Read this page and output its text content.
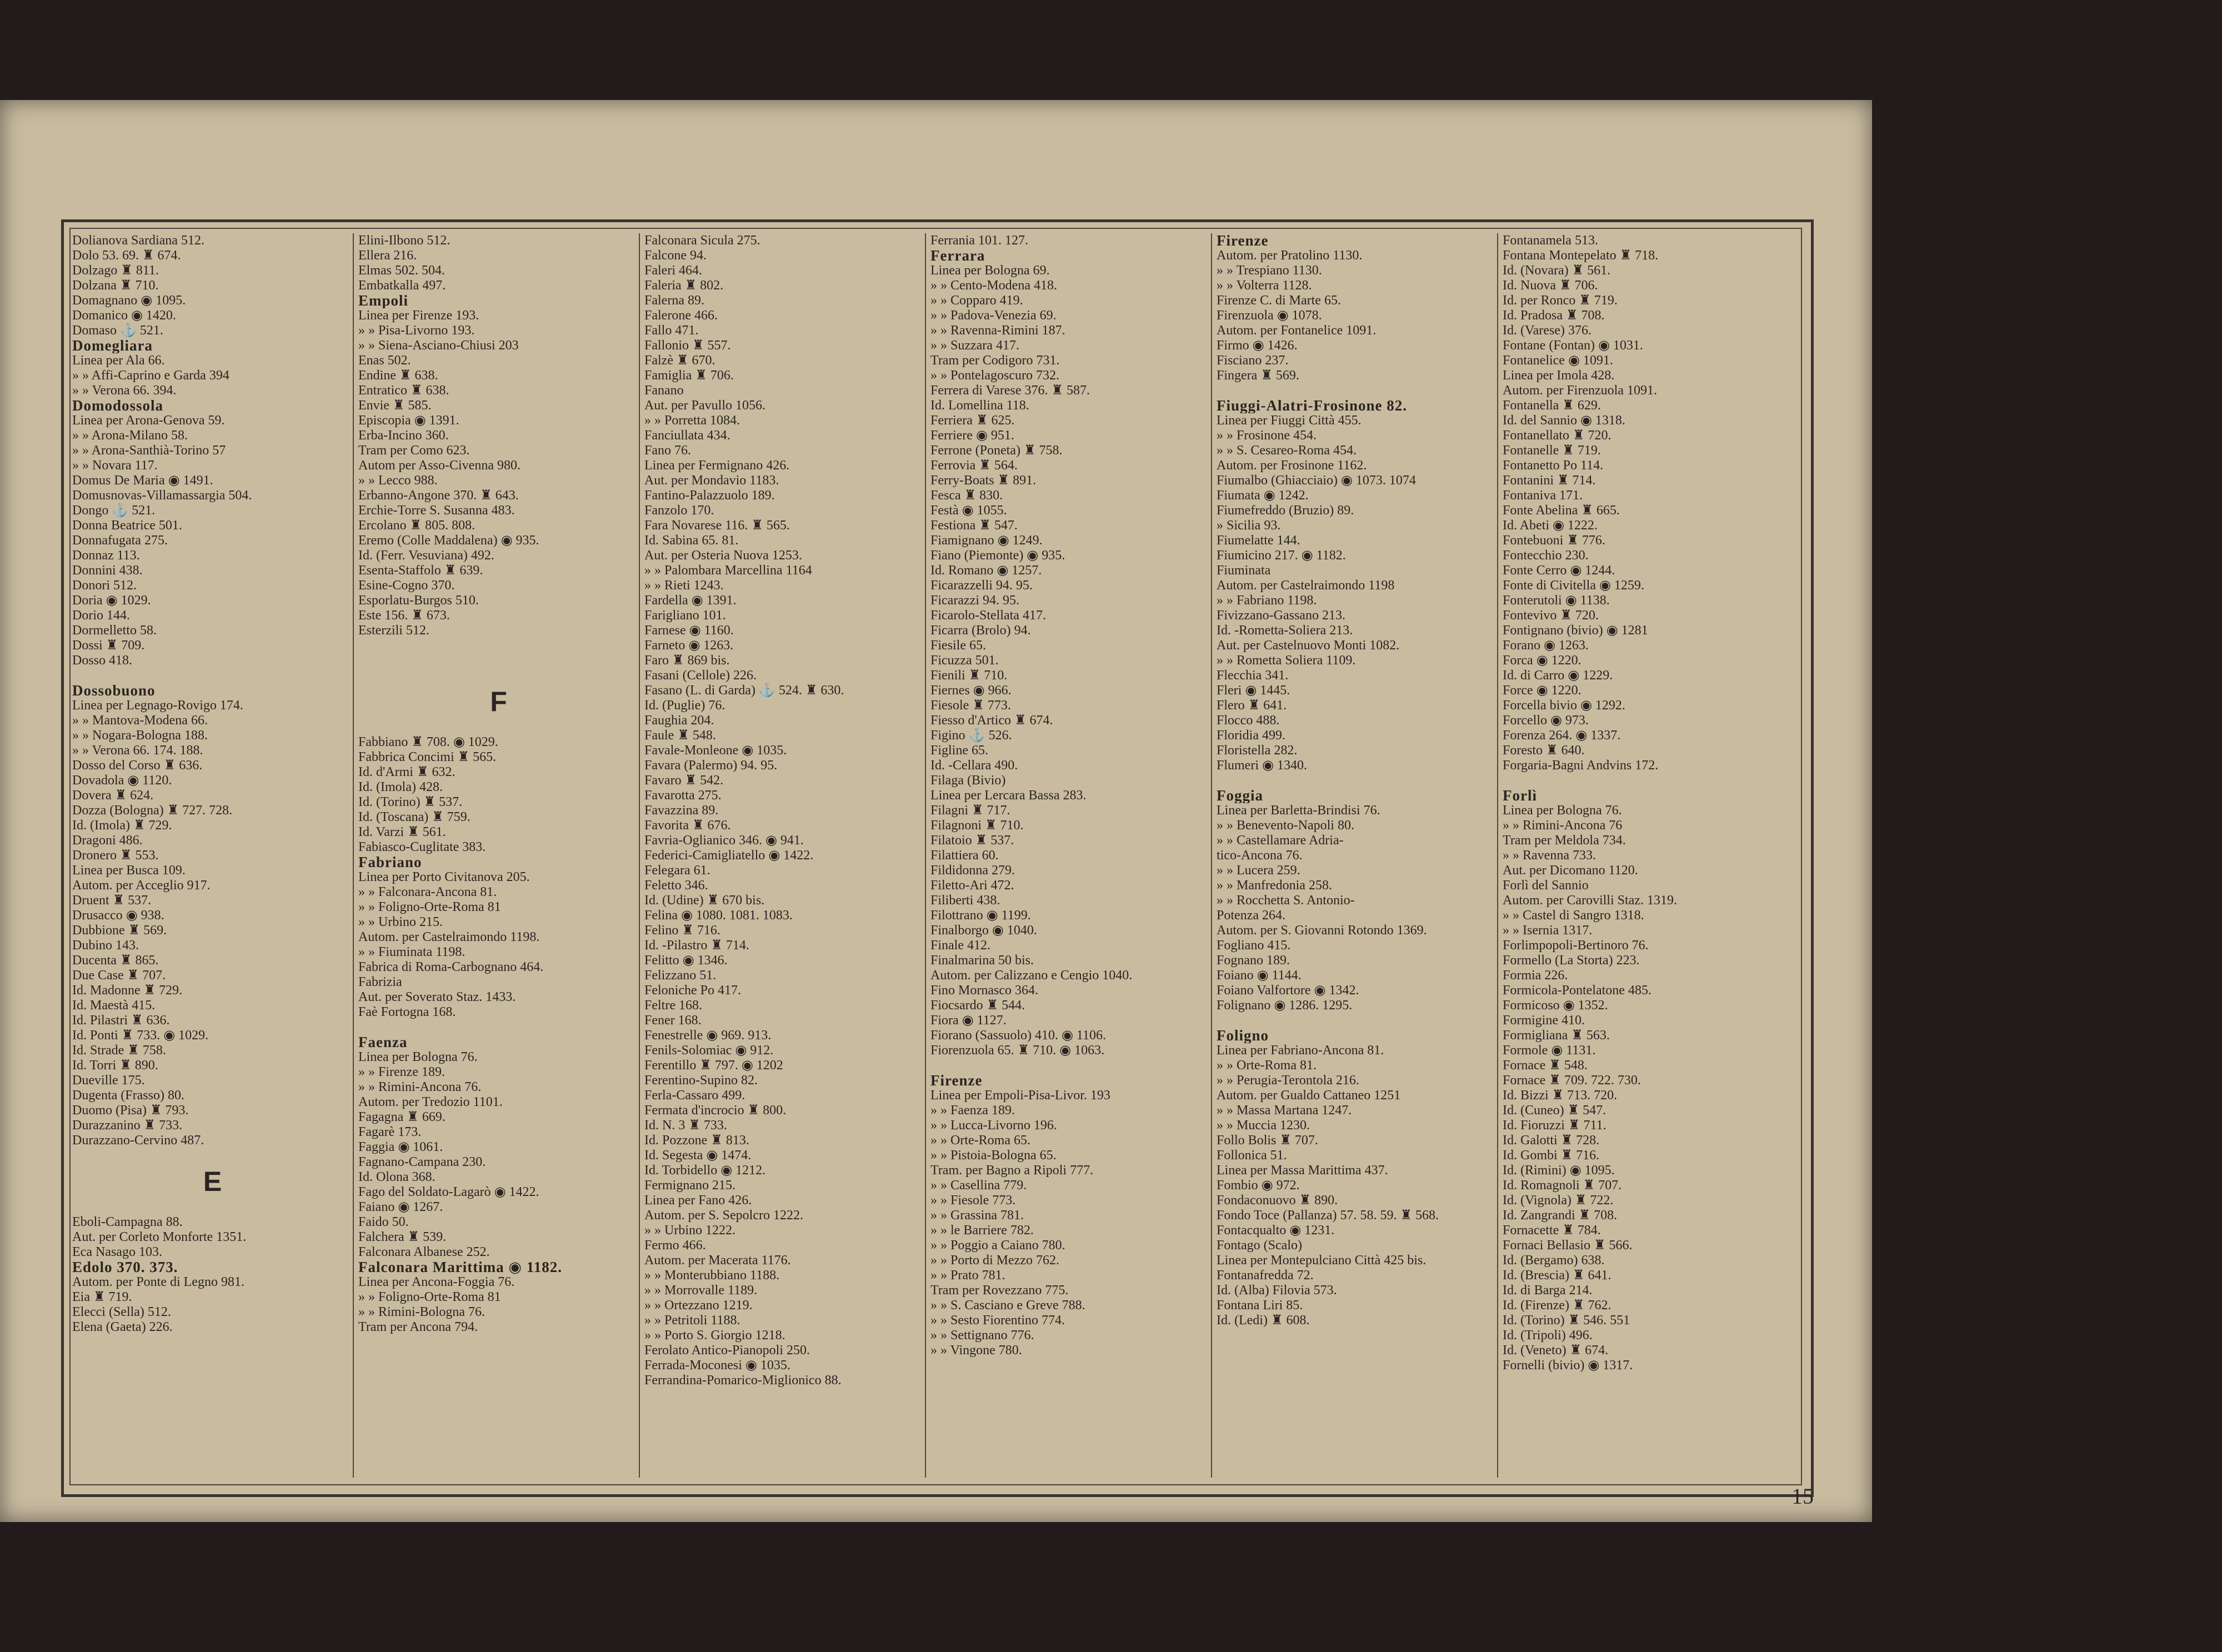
Dolianova Sardiana 512.
Dolo 53. 69. ♜ 674.
Dolzago ♜ 811.
Dolzana ♜ 710.
Domagnano ◉ 1095.
Domanico ◉ 1420.
Domaso ⚓ 521.
Domegliara
Linea per Ala 66.
» » Affi-Caprino e Garda 394
» » Verona 66. 394.
Domodossola
Linea per Arona-Genova 59.
» » Arona-Milano 58.
» » Arona-Santhià-Torino 57
» » Novara 117.
Domus De Maria ◉ 1491.
Domusnovas-Villamassargia 504.
Dongo ⚓ 521.
Donna Beatrice 501.
Donnafugata 275.
Donnaz 113.
Donnini 438.
Donori 512.
Doria ◉ 1029.
Dorio 144.
Dormelletto 58.
Dossi ♜ 709.
Dosso 418.
Dossobuono
Linea per Legnago-Rovigo 174.
» » Mantova-Modena 66.
» » Nogara-Bologna 188.
» » Verona 66. 174. 188.
Dosso del Corso ♜ 636.
Dovadola ◉ 1120.
Dovera ♜ 624.
Dozza (Bologna) ♜ 727. 728.
Id. (Imola) ♜ 729.
Dragoni 486.
Dronero ♜ 553.
Linea per Busca 109.
Autom. per Acceglio 917.
Druent ♜ 537.
Drusacco ◉ 938.
Dubbione ♜ 569.
Dubino 143.
Ducenta ♜ 865.
Due Case ♜ 707.
Id. Madonne ♜ 729.
Id. Maestà 415.
Id. Pilastri ♜ 636.
Id. Ponti ♜ 733. ◉ 1029.
Id. Strade ♜ 758.
Id. Torri ♜ 890.
Dueville 175.
Dugenta (Frasso) 80.
Duomo (Pisa) ♜ 793.
Durazzanino ♜ 733.
Durazzano-Cervino 487.
E
Eboli-Campagna 88.
Aut. per Corleto Monforte 1351.
Eca Nasago 103.
Edolo 370. 373.
Autom. per Ponte di Legno 981.
Eia ♜ 719.
Elecci (Sella) 512.
Elena (Gaeta) 226.
Elini-Ilbono 512.
Ellera 216.
Elmas 502. 504.
Embatkalla 497.
Empoli
Linea per Firenze 193.
» » Pisa-Livorno 193.
» » Siena-Asciano-Chiusi 203
Enas 502.
Endine ♜ 638.
Entratico ♜ 638.
Envie ♜ 585.
Episcopia ◉ 1391.
Erba-Incino 360.
Tram per Como 623.
Autom per Asso-Civenna 980.
» » Lecco 988.
Erbanno-Angone 370. ♜ 643.
Erchie-Torre S. Susanna 483.
Ercolano ♜ 805. 808.
Eremo (Colle Maddalena) ◉ 935.
Id. (Ferr. Vesuviana) 492.
Esenta-Staffolo ♜ 639.
Esine-Cogno 370.
Esporlatu-Burgos 510.
Este 156. ♜ 673.
Esterzili 512.
F
Fabbiano ♜ 708. ◉ 1029.
Fabbrica Concimi ♜ 565.
Id. d'Armi ♜ 632.
Id. (Imola) 428.
Id. (Torino) ♜ 537.
Id. (Toscana) ♜ 759.
Id. Varzi ♜ 561.
Fabiasco-Cuglitate 383.
Fabriano
Linea per Porto Civitanova 205.
» » Falconara-Ancona 81.
» » Foligno-Orte-Roma 81
» » Urbino 215.
Autom. per Castelraimondo 1198.
» » Fiuminata 1198.
Fabrica di Roma-Carbognano 464.
Fabrizia
Aut. per Soverato Staz. 1433.
Faè Fortogna 168.
Faenza
Linea per Bologna 76.
» » Firenze 189.
» » Rimini-Ancona 76.
Autom. per Tredozio 1101.
Fagagna ♜ 669.
Fagarè 173.
Faggia ◉ 1061.
Fagnano-Campana 230.
Id. Olona 368.
Fago del Soldato-Lagarò ◉ 1422.
Faiano ◉ 1267.
Faido 50.
Falchera ♜ 539.
Falconara Albanese 252.
Falconara Marittima ◉ 1182.
Linea per Ancona-Foggia 76.
» » Foligno-Orte-Roma 81
» » Rimini-Bologna 76.
Tram per Ancona 794.
Falconara Sicula 275.
Falcone 94.
Faleri 464.
Faleria ♜ 802.
Falerna 89.
Falerone 466.
Fallo 471.
Fallonio ♜ 557.
Falzè ♜ 670.
Famiglia ♜ 706.
Fanano
Aut. per Pavullo 1056.
» » Porretta 1084.
Fanciullata 434.
Fano 76.
Linea per Fermignano 426.
Aut. per Mondavio 1183.
Fantino-Palazzuolo 189.
Fanzolo 170.
Fara Novarese 116. ♜ 565.
Id. Sabina 65. 81.
Aut. per Osteria Nuova 1253.
» » Palombara Marcellina 1164
» » Rieti 1243.
Fardella ◉ 1391.
Farigliano 101.
Farnese ◉ 1160.
Farneto ◉ 1263.
Faro ♜ 869 bis.
Fasani (Cellole) 226.
Fasano (L. di Garda) ⚓ 524. ♜ 630.
Id. (Puglie) 76.
Faughia 204.
Faule ♜ 548.
Favale-Monleone ◉ 1035.
Favara (Palermo) 94. 95.
Favaro ♜ 542.
Favarotta 275.
Favazzina 89.
Favorita ♜ 676.
Favria-Oglianico 346. ◉ 941.
Federici-Camigliatello ◉ 1422.
Felegara 61.
Feletto 346.
Id. (Udine) ♜ 670 bis.
Felina ◉ 1080. 1081. 1083.
Felino ♜ 716.
Id. -Pilastro ♜ 714.
Felitto ◉ 1346.
Felizzano 51.
Feloniche Po 417.
Feltre 168.
Fener 168.
Fenestrelle ◉ 969. 913.
Fenils-Solomiac ◉ 912.
Ferentillo ♜ 797. ◉ 1202
Ferentino-Supino 82.
Ferla-Cassaro 499.
Fermata d'incrocio ♜ 800.
Id. N. 3 ♜ 733.
Id. Pozzone ♜ 813.
Id. Segesta ◉ 1474.
Id. Torbidello ◉ 1212.
Fermignano 215.
Linea per Fano 426.
Autom. per S. Sepolcro 1222.
» » Urbino 1222.
Fermo 466.
Autom. per Macerata 1176.
» » Monterubbiano 1188.
» » Morrovalle 1189.
» » Ortezzano 1219.
» » Petritoli 1188.
» » Porto S. Giorgio 1218.
Ferolato Antico-Pianopoli 250.
Ferrada-Moconesi ◉ 1035.
Ferrandina-Pomarico-Miglionico 88.
Ferrania 101. 127.
Ferrara
Linea per Bologna 69.
» » Cento-Modena 418.
» » Copparo 419.
» » Padova-Venezia 69.
» » Ravenna-Rimini 187.
» » Suzzara 417.
Tram per Codigoro 731.
» » Pontelagoscuro 732.
Ferrera di Varese 376. ♜ 587.
Id. Lomellina 118.
Ferriera ♜ 625.
Ferriere ◉ 951.
Ferrone (Poneta) ♜ 758.
Ferrovia ♜ 564.
Ferry-Boats ♜ 891.
Fesca ♜ 830.
Festà ◉ 1055.
Festiona ♜ 547.
Fiamignano ◉ 1249.
Fiano (Piemonte) ◉ 935.
Id. Romano ◉ 1257.
Ficarazzelli 94. 95.
Ficarazzi 94. 95.
Ficarolo-Stellata 417.
Ficarra (Brolo) 94.
Fiesile 65.
Ficuzza 501.
Fienili ♜ 710.
Fiernes ◉ 966.
Fiesole ♜ 773.
Fiesso d'Artico ♜ 674.
Figino ⚓ 526.
Figline 65.
Id. -Cellara 490.
Filaga (Bivio)
Linea per Lercara Bassa 283.
Filagni ♜ 717.
Filagnoni ♜ 710.
Filatoio ♜ 537.
Filattiera 60.
Fildidonna 279.
Filetto-Ari 472.
Filiberti 438.
Filottrano ◉ 1199.
Finalborgo ◉ 1040.
Finale 412.
Finalmarina 50 bis.
Autom. per Calizzano e Cengio 1040.
Fino Mornasco 364.
Fiocsardo ♜ 544.
Fiora ◉ 1127.
Fiorano (Sassuolo) 410. ◉ 1106.
Fiorenzuola 65. ♜ 710. ◉ 1063.
Firenze
Linea per Empoli-Pisa-Livor. 193
» » Faenza 189.
» » Lucca-Livorno 196.
» » Orte-Roma 65.
» » Pistoia-Bologna 65.
Tram. per Bagno a Ripoli 777.
» » Casellina 779.
» » Fiesole 773.
» » Grassina 781.
» » le Barriere 782.
» » Poggio a Caiano 780.
» » Porto di Mezzo 762.
» » Prato 781.
Tram per Rovezzano 775.
» » S. Casciano e Greve 788.
» » Sesto Fiorentino 774.
» » Settignano 776.
» » Vingone 780.
Firenze
Autom. per Pratolino 1130.
» » Trespiano 1130.
» » Volterra 1128.
Firenze C. di Marte 65.
Firenzuola ◉ 1078.
Autom. per Fontanelice 1091.
Firmo ◉ 1426.
Fisciano 237.
Fingera ♜ 569.
Fiuggi-Alatri-Frosinone 82.
Linea per Fiuggi Città 455.
» » Frosinone 454.
» » S. Cesareo-Roma 454.
Autom. per Frosinone 1162.
Fiumalbo (Ghiacciaio) ◉ 1073. 1074
Fiumata ◉ 1242.
Fiumefreddo (Bruzio) 89.
» Sicilia 93.
Fiumelatte 144.
Fiumicino 217. ◉ 1182.
Fiuminata
Autom. per Castelraimondo 1198
» » Fabriano 1198.
Fivizzano-Gassano 213.
Id. -Rometta-Soliera 213.
Aut. per Castelnuovo Monti 1082.
» » Rometta Soliera 1109.
Flecchia 341.
Fleri ◉ 1445.
Flero ♜ 641.
Flocco 488.
Floridia 499.
Floristella 282.
Flumeri ◉ 1340.
Foggia
Linea per Barletta-Brindisi 76.
» » Benevento-Napoli 80.
» » Castellamare Adria-
tico-Ancona 76.
» » Lucera 259.
» » Manfredonia 258.
» » Rocchetta S. Antonio-
Potenza 264.
Autom. per S. Giovanni Rotondo 1369.
Fogliano 415.
Fognano 189.
Foiano ◉ 1144.
Foiano Valfortore ◉ 1342.
Folignano ◉ 1286. 1295.
Foligno
Linea per Fabriano-Ancona 81.
» » Orte-Roma 81.
» » Perugia-Terontola 216.
Autom. per Gualdo Cattaneo 1251
» » Massa Martana 1247.
» » Muccia 1230.
Follo Bolis ♜ 707.
Follonica 51.
Linea per Massa Marittima 437.
Fombio ◉ 972.
Fondaconuovo ♜ 890.
Fondo Toce (Pallanza) 57. 58. 59. ♜ 568.
Fontacqualto ◉ 1231.
Fontago (Scalo)
Linea per Montepulciano Città 425 bis.
Fontanafredda 72.
Id. (Alba) Filovia 573.
Fontana Liri 85.
Id. (Ledi) ♜ 608.
Fontanamela 513.
Fontana Montepelato ♜ 718.
Id. (Novara) ♜ 561.
Id. Nuova ♜ 706.
Id. per Ronco ♜ 719.
Id. Pradosa ♜ 708.
Id. (Varese) 376.
Fontane (Fontan) ◉ 1031.
Fontanelice ◉ 1091.
Linea per Imola 428.
Autom. per Firenzuola 1091.
Fontanella ♜ 629.
Id. del Sannio ◉ 1318.
Fontanellato ♜ 720.
Fontanelle ♜ 719.
Fontanetto Po 114.
Fontanini ♜ 714.
Fontaniva 171.
Fonte Abelina ♜ 665.
Id. Abeti ◉ 1222.
Fontebuoni ♜ 776.
Fontecchio 230.
Fonte Cerro ◉ 1244.
Fonte di Civitella ◉ 1259.
Fonterutoli ◉ 1138.
Fontevivo ♜ 720.
Fontignano (bivio) ◉ 1281
Forano ◉ 1263.
Forca ◉ 1220.
Id. di Carro ◉ 1229.
Force ◉ 1220.
Forcella bivio ◉ 1292.
Forcello ◉ 973.
Forenza 264. ◉ 1337.
Foresto ♜ 640.
Forgaria-Bagni Andvins 172.
Forlì
Linea per Bologna 76.
» » Rimini-Ancona 76
Tram per Meldola 734.
» » Ravenna 733.
Aut. per Dicomano 1120.
Forlì del Sannio
Autom. per Carovilli Staz. 1319.
» » Castel di Sangro 1318.
» » Isernia 1317.
Forlimpopoli-Bertinoro 76.
Formello (La Storta) 223.
Formia 226.
Formicola-Pontelatone 485.
Formicoso ◉ 1352.
Formigine 410.
Formigliana ♜ 563.
Formole ◉ 1131.
Fornace ♜ 548.
Fornace ♜ 709. 722. 730.
Id. Bizzi ♜ 713. 720.
Id. (Cuneo) ♜ 547.
Id. Fioruzzi ♜ 711.
Id. Galotti ♜ 728.
Id. Gombi ♜ 716.
Id. (Rimini) ◉ 1095.
Id. Romagnoli ♜ 707.
Id. (Vignola) ♜ 722.
Id. Zangrandi ♜ 708.
Fornacette ♜ 784.
Fornaci Bellasio ♜ 566.
Id. (Bergamo) 638.
Id. (Brescia) ♜ 641.
Id. di Barga 214.
Id. (Firenze) ♜ 762.
Id. (Torino) ♜ 546. 551
Id. (Tripoli) 496.
Id. (Veneto) ♜ 674.
Fornelli (bivio) ◉ 1317.
15
